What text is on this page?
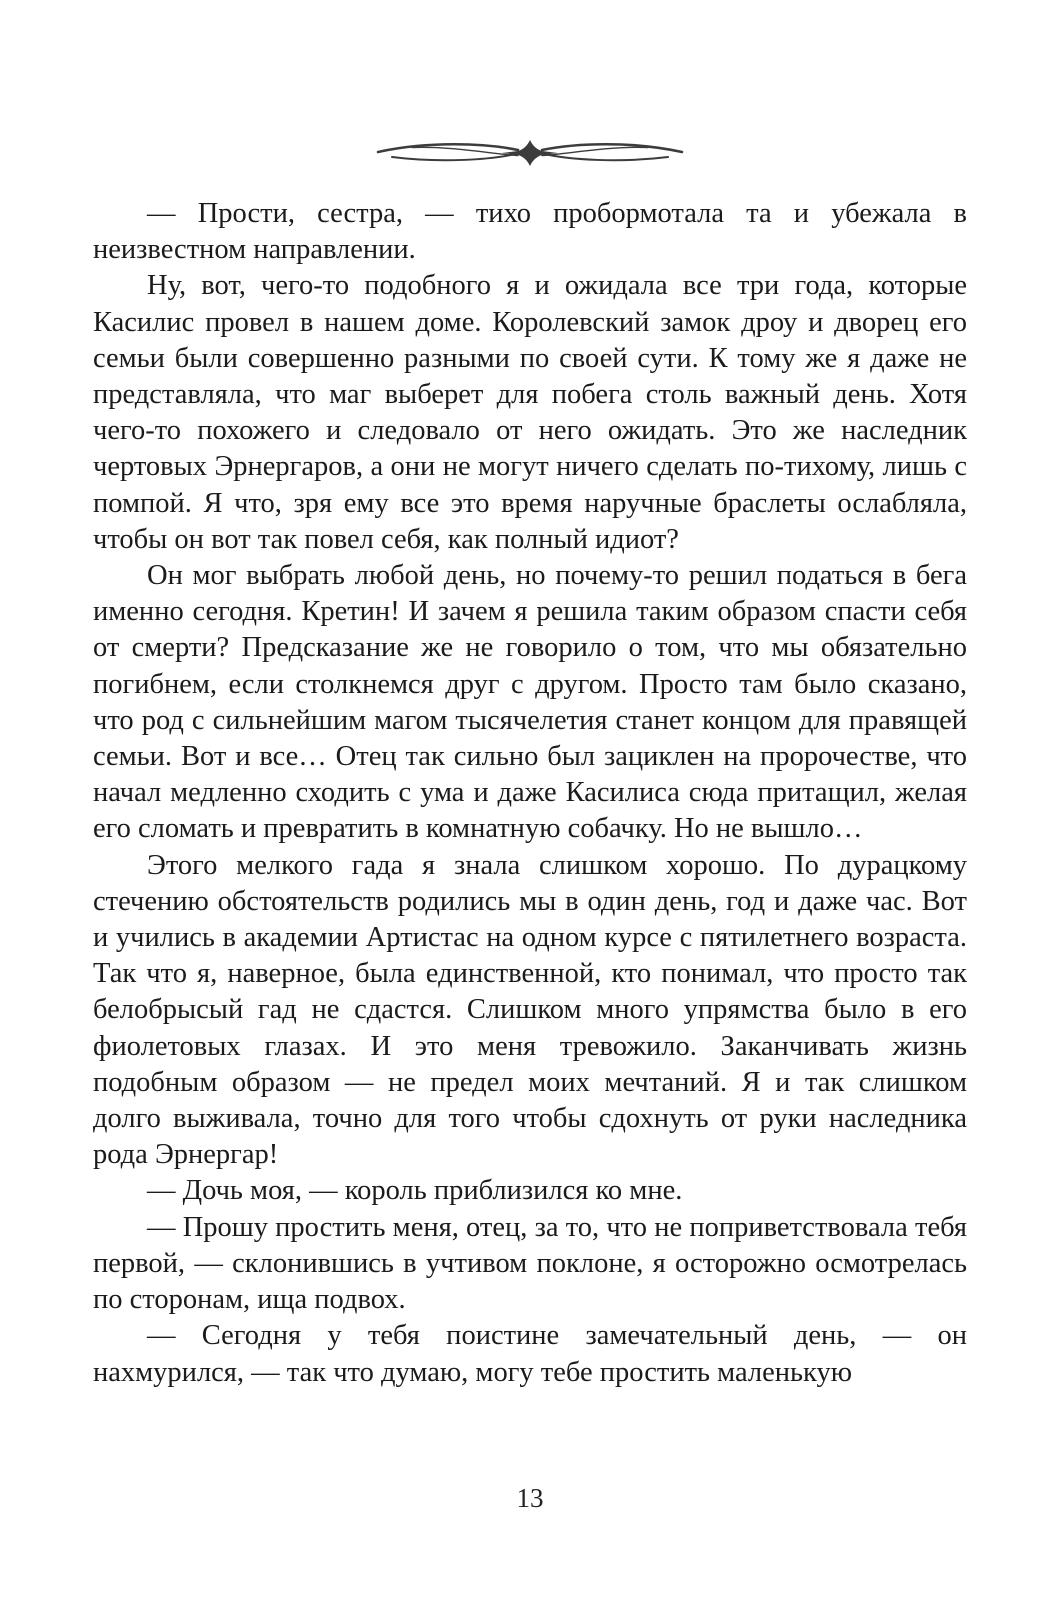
— Прости, сестра, — тихо пробормотала та и убежала в неизвестном направлении.

Ну, вот, чего-то подобного я и ожидала все три года, которые Касилис провел в нашем доме. Королевский замок дроу и дворец его семьи были совершенно разными по своей сути. К тому же я даже не представляла, что маг выберет для побега столь важный день. Хотя чего-то похожего и следовало от него ожидать. Это же наследник чертовых Эрнергаров, а они не могут ничего сделать по-тихому, лишь с помпой. Я что, зря ему все это время наручные браслеты ослабляла, чтобы он вот так повел себя, как полный идиот?

Он мог выбрать любой день, но почему-то решил податься в бега именно сегодня. Кретин! И зачем я решила таким образом спасти себя от смерти? Предсказание же не говорило о том, что мы обязательно погибнем, если столкнемся друг с другом. Просто там было сказано, что род с сильнейшим магом тысячелетия станет концом для правящей семьи. Вот и все… Отец так сильно был зациклен на пророчестве, что начал медленно сходить с ума и даже Касилиса сюда притащил, желая его сломать и превратить в комнатную собачку. Но не вышло…

Этого мелкого гада я знала слишком хорошо. По дурацкому стечению обстоятельств родились мы в один день, год и даже час. Вот и учились в академии Артистас на одном курсе с пятилетнего возраста. Так что я, наверное, была единственной, кто понимал, что просто так белобрысый гад не сдастся. Слишком много упрямства было в его фиолетовых глазах. И это меня тревожило. Заканчивать жизнь подобным образом — не предел моих мечтаний. Я и так слишком долго выживала, точно для того чтобы сдохнуть от руки наследника рода Эрнергар!

— Дочь моя, — король приблизился ко мне.

— Прошу простить меня, отец, за то, что не поприветствовала тебя первой, — склонившись в учтивом поклоне, я осторожно осмотрелась по сторонам, ища подвох.

— Сегодня у тебя поистине замечательный день, — он нахмурился, — так что думаю, могу тебе простить маленькую

13
